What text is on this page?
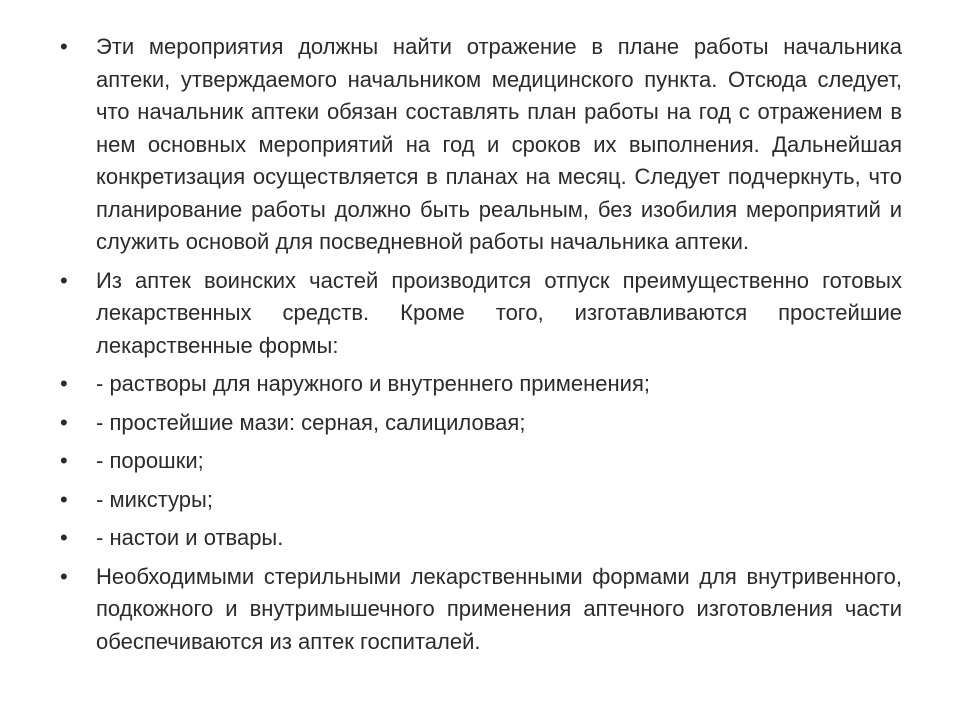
•	Эти мероприятия должны найти отражение в плане работы начальника аптеки, утверждаемого начальником медицинского пункта. Отсюда следует, что начальник аптеки обязан составлять план работы на год с отражением в нем основных мероприятий на год и сроков их выполнения. Дальнейшая конкретизация осуществляется в планах на месяц. Следует подчеркнуть, что планирование работы должно быть реальным, без изобилия мероприятий и служить основой для посведневной работы начальника аптеки.
•	Из аптек воинских частей производится отпуск преимущественно готовых лекарственных средств. Кроме того, изготавливаются простейшие лекарственные формы:
•	- растворы для наружного и внутреннего применения;
•	- простейшие мази: серная, салициловая;
•	- порошки;
•	- микстуры;
•	- настои и отвары.
•	Необходимыми стерильными лекарственными формами для внутривенного, подкожного и внутримышечного применения аптечного изготовления части обеспечиваются из аптек госпиталей.
